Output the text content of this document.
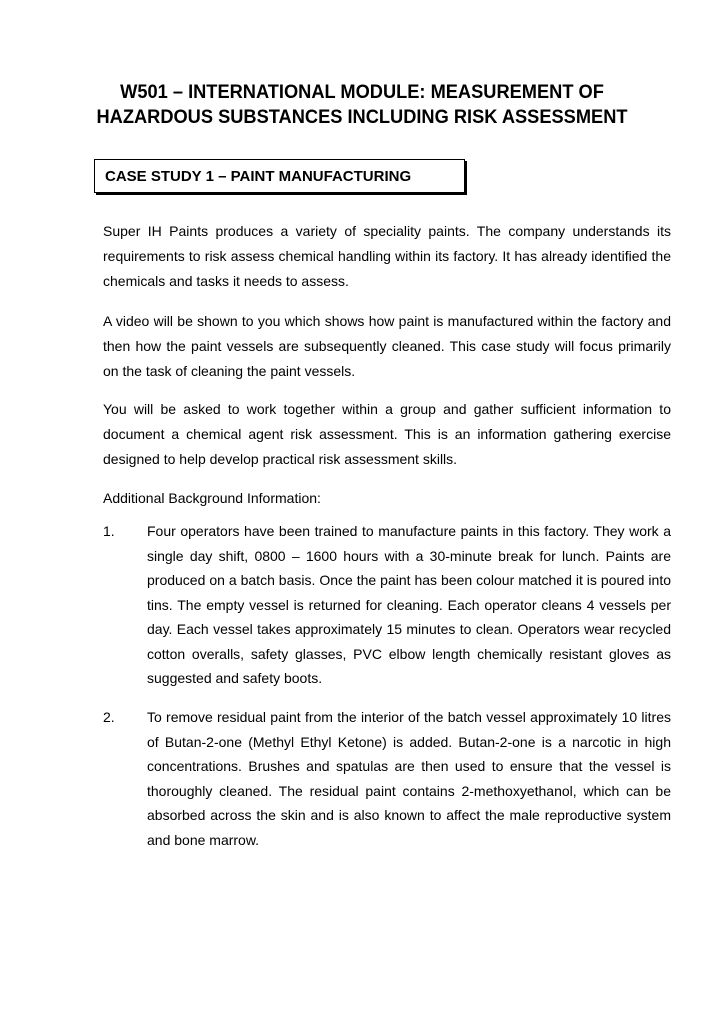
W501 – INTERNATIONAL MODULE: MEASUREMENT OF
HAZARDOUS SUBSTANCES INCLUDING RISK ASSESSMENT
CASE STUDY 1 – PAINT MANUFACTURING
Super IH Paints produces a variety of speciality paints. The company understands its requirements to risk assess chemical handling within its factory. It has already identified the chemicals and tasks it needs to assess.
A video will be shown to you which shows how paint is manufactured within the factory and then how the paint vessels are subsequently cleaned. This case study will focus primarily on the task of cleaning the paint vessels.
You will be asked to work together within a group and gather sufficient information to document a chemical agent risk assessment. This is an information gathering exercise designed to help develop practical risk assessment skills.
Additional Background Information:
1. Four operators have been trained to manufacture paints in this factory. They work a single day shift, 0800 – 1600 hours with a 30-minute break for lunch. Paints are produced on a batch basis. Once the paint has been colour matched it is poured into tins. The empty vessel is returned for cleaning. Each operator cleans 4 vessels per day. Each vessel takes approximately 15 minutes to clean. Operators wear recycled cotton overalls, safety glasses, PVC elbow length chemically resistant gloves as suggested and safety boots.
2. To remove residual paint from the interior of the batch vessel approximately 10 litres of Butan-2-one (Methyl Ethyl Ketone) is added. Butan-2-one is a narcotic in high concentrations. Brushes and spatulas are then used to ensure that the vessel is thoroughly cleaned. The residual paint contains 2-methoxyethanol, which can be absorbed across the skin and is also known to affect the male reproductive system and bone marrow.
